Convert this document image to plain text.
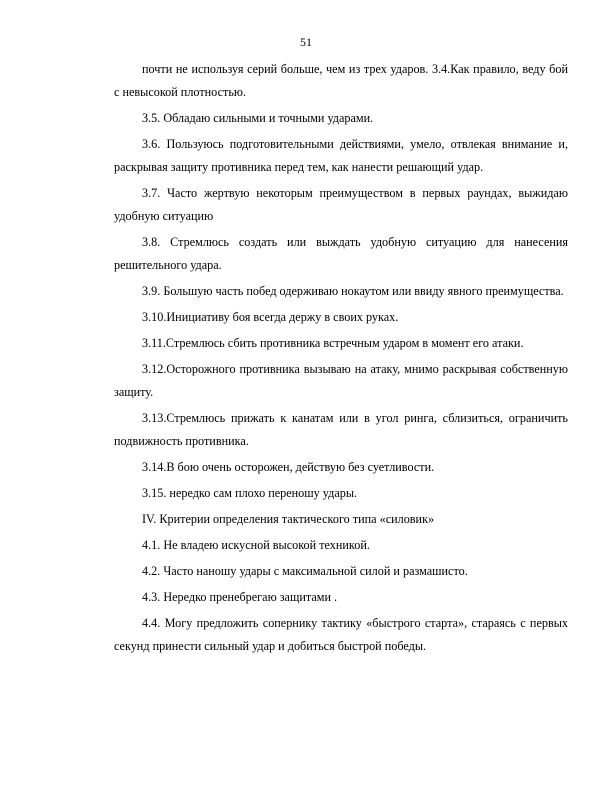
51

почти не используя серий больше, чем из трех ударов. 3.4.Как правило, веду бой с невысокой плотностью.

3.5. Обладаю сильными и точными ударами.

3.6. Пользуюсь подготовительными действиями, умело, отвлекая внимание и, раскрывая защиту противника перед тем, как нанести решающий удар.

3.7. Часто жертвую некоторым преимуществом в первых раундах, выжидаю удобную ситуацию

3.8. Стремлюсь создать или выждать удобную ситуацию для нанесения решительного удара.

3.9. Большую часть побед одерживаю нокаутом или ввиду явного преимущества.

3.10.Инициативу боя всегда держу в своих руках.

3.11.Стремлюсь сбить противника встречным ударом в момент его атаки.

3.12.Осторожного противника вызываю на атаку, мнимо раскрывая собственную защиту.

3.13.Стремлюсь прижать к канатам или в угол ринга, сблизиться, ограничить подвижность противника.

3.14.В бою очень осторожен, действую без суетливости.

3.15. нередко сам плохо переношу удары.

IV. Критерии определения тактического типа «силовик»

4.1. Не владею искусной высокой техникой.

4.2. Часто наношу удары с максимальной силой и размашисто.

4.3. Нередко пренебрегаю защитами .

4.4. Могу предложить сопернику тактику «быстрого старта», стараясь с первых секунд принести сильный удар и добиться быстрой победы.
